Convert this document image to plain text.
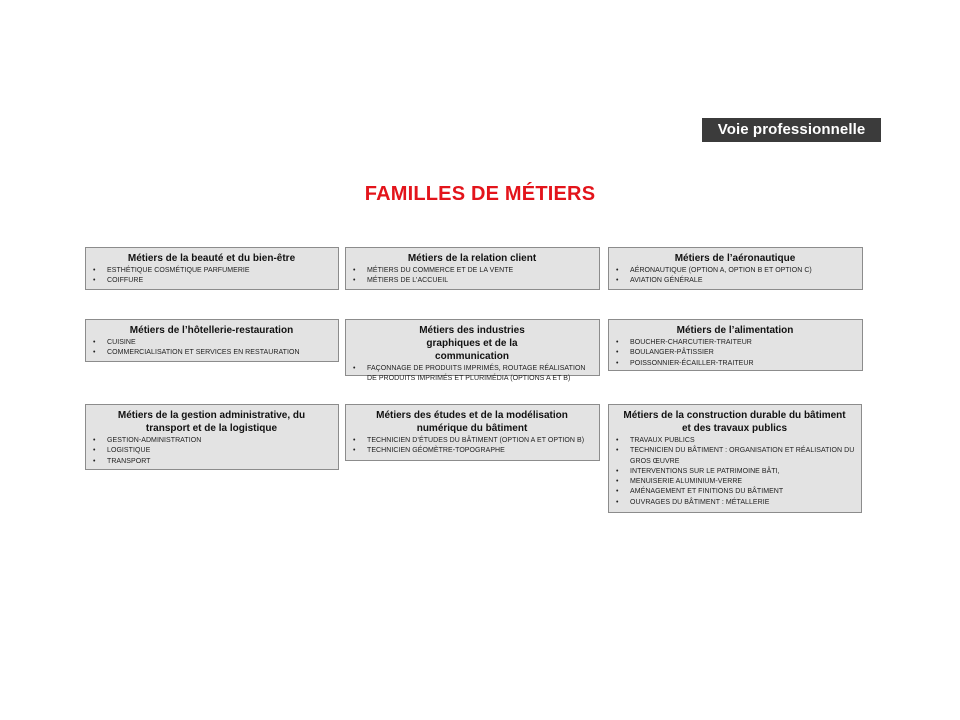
Voie professionnelle
FAMILLES DE MÉTIERS
Métiers de la beauté et du bien-être
• ESTHÉTIQUE COSMÉTIQUE PARFUMERIE
• COIFFURE
Métiers de la relation client
• MÉTIERS DU COMMERCE ET DE LA VENTE
• MÉTIERS DE L’ACCUEIL
Métiers de l’aéronautique
• AÉRONAUTIQUE (OPTION A, OPTION B ET OPTION C)
• AVIATION GÉNÉRALE
Métiers de l’hôtellerie-restauration
• CUISINE
• COMMERCIALISATION ET SERVICES EN RESTAURATION
Métiers des industries graphiques et de la communication
• FAÇONNAGE DE PRODUITS IMPRIMÉS, ROUTAGE RÉALISATION DE PRODUITS IMPRIMÉS ET PLURIMÉDIA (OPTIONS A ET B)
Métiers de l’alimentation
• BOUCHER-CHARCUTIER-TRAITEUR
• BOULANGER-PÂTISSIER
• POISSONNIER-ÉCAILLER-TRAITEUR
Métiers de la gestion administrative, du transport et de la logistique
• GESTION-ADMINISTRATION
• LOGISTIQUE
• TRANSPORT
Métiers des études et de la modélisation numérique du bâtiment
• TECHNICIEN D’ÉTUDES DU BÂTIMENT (OPTION A ET OPTION B)
• TECHNICIEN GÉOMÈTRE-TOPOGRAPHE
Métiers de la construction durable du bâtiment et des travaux publics
• TRAVAUX PUBLICS
• TECHNICIEN DU BÂTIMENT : ORGANISATION ET RÉALISATION DU GROS ŒUVRE
• INTERVENTIONS SUR LE PATRIMOINE BÂTI,
• MENUISERIE ALUMINIUM-VERRE
• AMÉNAGEMENT ET FINITIONS DU BÂTIMENT
• OUVRAGES DU BÂTIMENT : MÉTALLERIE
